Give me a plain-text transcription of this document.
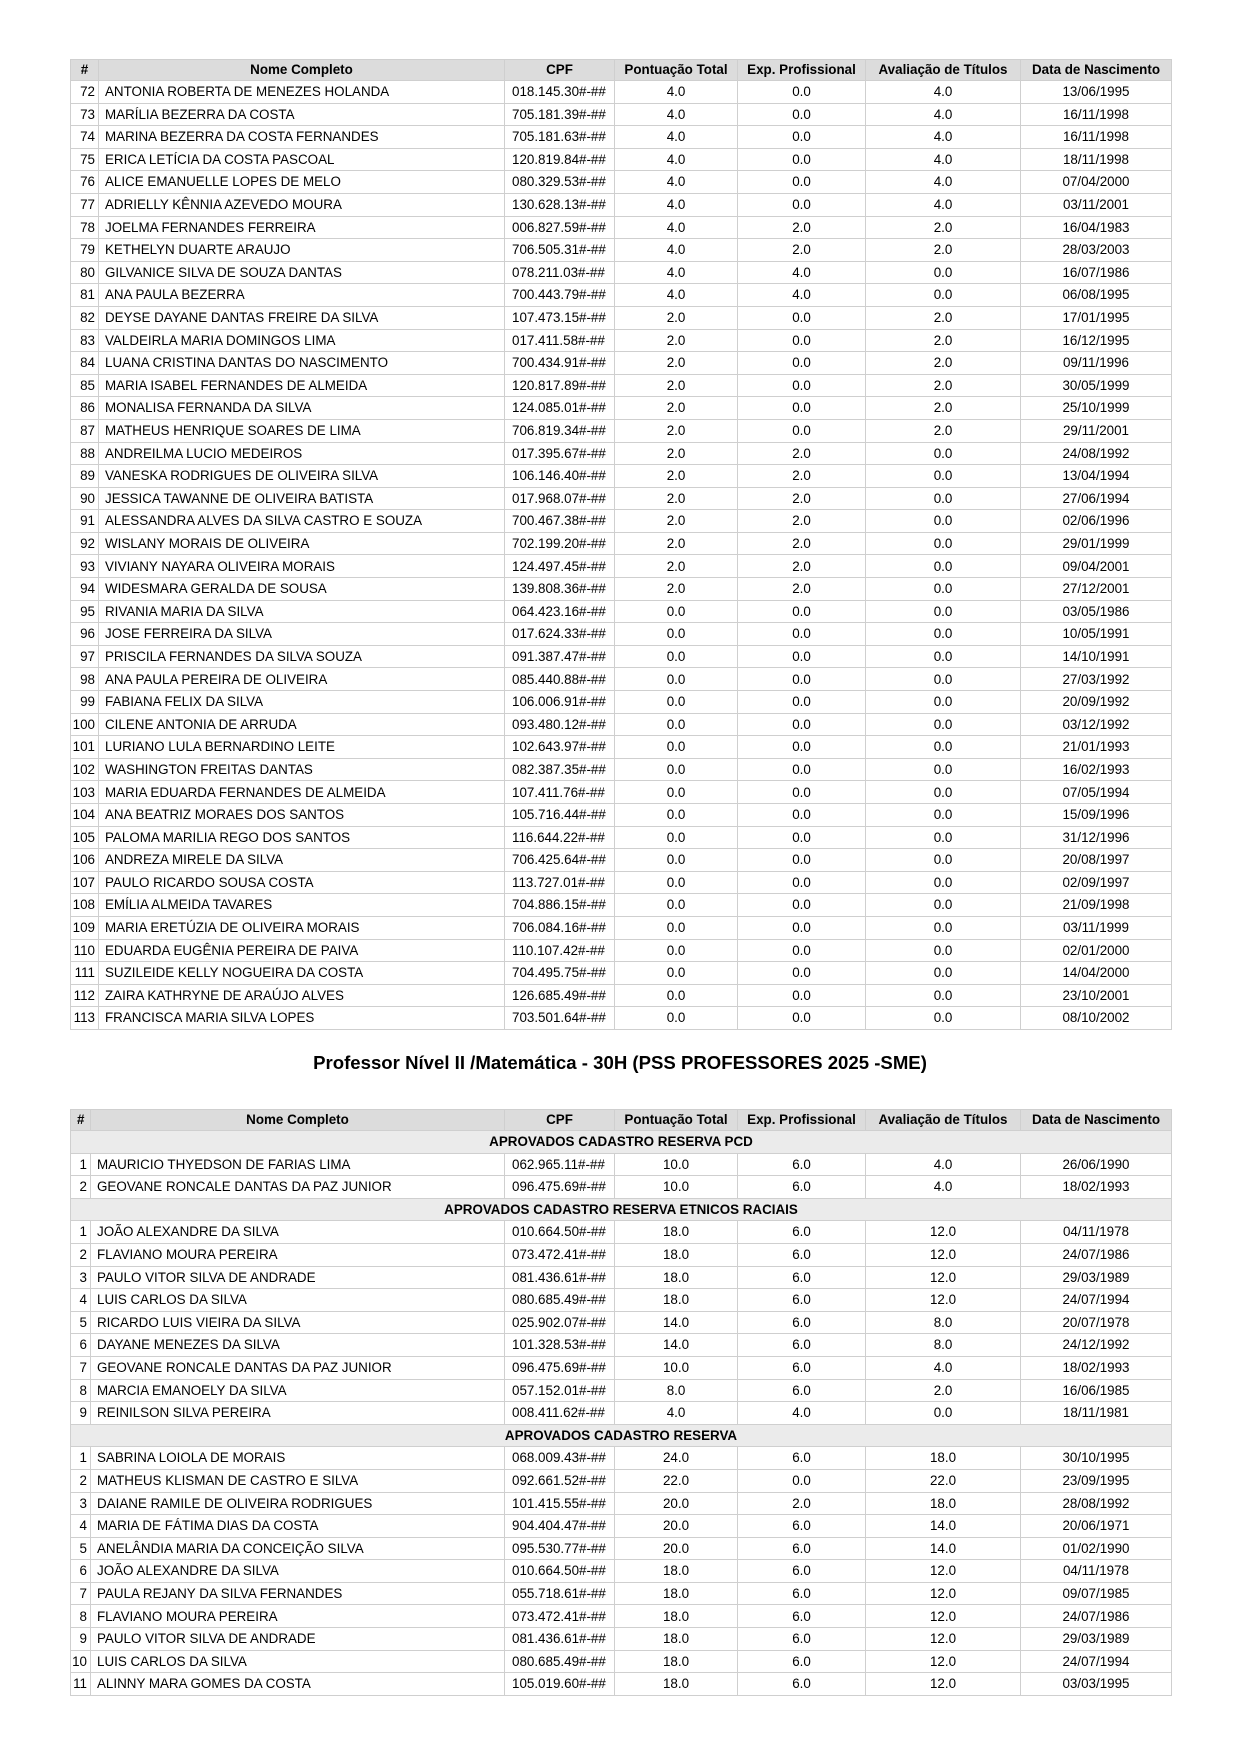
#	Nome Completo	CPF	Pontuação Total	Exp. Profissional	Avaliação de Títulos	Data de Nascimento
72	ANTONIA ROBERTA DE MENEZES HOLANDA	018.145.30#-##	4.0	0.0	4.0	13/06/1995
73	MARÍLIA BEZERRA DA COSTA	705.181.39#-##	4.0	0.0	4.0	16/11/1998
74	MARINA BEZERRA DA COSTA FERNANDES	705.181.63#-##	4.0	0.0	4.0	16/11/1998
75	ERICA LETÍCIA DA COSTA PASCOAL	120.819.84#-##	4.0	0.0	4.0	18/11/1998
76	ALICE EMANUELLE LOPES DE MELO	080.329.53#-##	4.0	0.0	4.0	07/04/2000
77	ADRIELLY KÊNNIA AZEVEDO MOURA	130.628.13#-##	4.0	0.0	4.0	03/11/2001
78	JOELMA FERNANDES FERREIRA	006.827.59#-##	4.0	2.0	2.0	16/04/1983
79	KETHELYN DUARTE ARAUJO	706.505.31#-##	4.0	2.0	2.0	28/03/2003
80	GILVANICE SILVA DE SOUZA DANTAS	078.211.03#-##	4.0	4.0	0.0	16/07/1986
81	ANA PAULA BEZERRA	700.443.79#-##	4.0	4.0	0.0	06/08/1995
82	DEYSE DAYANE DANTAS FREIRE DA SILVA	107.473.15#-##	2.0	0.0	2.0	17/01/1995
83	VALDEIRLA MARIA DOMINGOS LIMA	017.411.58#-##	2.0	0.0	2.0	16/12/1995
84	LUANA CRISTINA DANTAS DO NASCIMENTO	700.434.91#-##	2.0	0.0	2.0	09/11/1996
85	MARIA ISABEL FERNANDES DE ALMEIDA	120.817.89#-##	2.0	0.0	2.0	30/05/1999
86	MONALISA FERNANDA DA SILVA	124.085.01#-##	2.0	0.0	2.0	25/10/1999
87	MATHEUS HENRIQUE SOARES DE LIMA	706.819.34#-##	2.0	0.0	2.0	29/11/2001
88	ANDREILMA LUCIO MEDEIROS	017.395.67#-##	2.0	2.0	0.0	24/08/1992
89	VANESKA RODRIGUES DE OLIVEIRA SILVA	106.146.40#-##	2.0	2.0	0.0	13/04/1994
90	JESSICA TAWANNE DE OLIVEIRA BATISTA	017.968.07#-##	2.0	2.0	0.0	27/06/1994
91	ALESSANDRA ALVES DA SILVA CASTRO E SOUZA	700.467.38#-##	2.0	2.0	0.0	02/06/1996
92	WISLANY MORAIS DE OLIVEIRA	702.199.20#-##	2.0	2.0	0.0	29/01/1999
93	VIVIANY NAYARA OLIVEIRA MORAIS	124.497.45#-##	2.0	2.0	0.0	09/04/2001
94	WIDESMARA GERALDA DE SOUSA	139.808.36#-##	2.0	2.0	0.0	27/12/2001
95	RIVANIA MARIA DA SILVA	064.423.16#-##	0.0	0.0	0.0	03/05/1986
96	JOSE FERREIRA DA SILVA	017.624.33#-##	0.0	0.0	0.0	10/05/1991
97	PRISCILA FERNANDES DA SILVA SOUZA	091.387.47#-##	0.0	0.0	0.0	14/10/1991
98	ANA PAULA PEREIRA DE OLIVEIRA	085.440.88#-##	0.0	0.0	0.0	27/03/1992
99	FABIANA FELIX DA SILVA	106.006.91#-##	0.0	0.0	0.0	20/09/1992
100	CILENE ANTONIA DE ARRUDA	093.480.12#-##	0.0	0.0	0.0	03/12/1992
101	LURIANO LULA BERNARDINO LEITE	102.643.97#-##	0.0	0.0	0.0	21/01/1993
102	WASHINGTON FREITAS DANTAS	082.387.35#-##	0.0	0.0	0.0	16/02/1993
103	MARIA EDUARDA FERNANDES DE ALMEIDA	107.411.76#-##	0.0	0.0	0.0	07/05/1994
104	ANA BEATRIZ MORAES DOS SANTOS	105.716.44#-##	0.0	0.0	0.0	15/09/1996
105	PALOMA MARILIA REGO DOS SANTOS	116.644.22#-##	0.0	0.0	0.0	31/12/1996
106	ANDREZA MIRELE DA SILVA	706.425.64#-##	0.0	0.0	0.0	20/08/1997
107	PAULO RICARDO SOUSA COSTA	113.727.01#-##	0.0	0.0	0.0	02/09/1997
108	EMÍLIA ALMEIDA TAVARES	704.886.15#-##	0.0	0.0	0.0	21/09/1998
109	MARIA ERETÚZIA DE OLIVEIRA MORAIS	706.084.16#-##	0.0	0.0	0.0	03/11/1999
110	EDUARDA EUGÊNIA PEREIRA DE PAIVA	110.107.42#-##	0.0	0.0	0.0	02/01/2000
111	SUZILEIDE KELLY NOGUEIRA DA COSTA	704.495.75#-##	0.0	0.0	0.0	14/04/2000
112	ZAIRA KATHRYNE DE ARAÚJO ALVES	126.685.49#-##	0.0	0.0	0.0	23/10/2001
113	FRANCISCA MARIA SILVA LOPES	703.501.64#-##	0.0	0.0	0.0	08/10/2002
Professor Nível II /Matemática - 30H (PSS PROFESSORES 2025 -SME)
#	Nome Completo	CPF	Pontuação Total	Exp. Profissional	Avaliação de Títulos	Data de Nascimento
APROVADOS CADASTRO RESERVA PCD						
1	MAURICIO THYEDSON DE FARIAS LIMA	062.965.11#-##	10.0	6.0	4.0	26/06/1990
2	GEOVANE RONCALE DANTAS DA PAZ JUNIOR	096.475.69#-##	10.0	6.0	4.0	18/02/1993
APROVADOS CADASTRO RESERVA ETNICOS RACIAIS						
1	JOÃO ALEXANDRE DA SILVA	010.664.50#-##	18.0	6.0	12.0	04/11/1978
2	FLAVIANO MOURA PEREIRA	073.472.41#-##	18.0	6.0	12.0	24/07/1986
3	PAULO VITOR SILVA DE ANDRADE	081.436.61#-##	18.0	6.0	12.0	29/03/1989
4	LUIS CARLOS DA SILVA	080.685.49#-##	18.0	6.0	12.0	24/07/1994
5	RICARDO LUIS VIEIRA DA SILVA	025.902.07#-##	14.0	6.0	8.0	20/07/1978
6	DAYANE MENEZES DA SILVA	101.328.53#-##	14.0	6.0	8.0	24/12/1992
7	GEOVANE RONCALE DANTAS DA PAZ JUNIOR	096.475.69#-##	10.0	6.0	4.0	18/02/1993
8	MARCIA EMANOELY DA SILVA	057.152.01#-##	8.0	6.0	2.0	16/06/1985
9	REINILSON SILVA PEREIRA	008.411.62#-##	4.0	4.0	0.0	18/11/1981
APROVADOS CADASTRO RESERVA						
1	SABRINA LOIOLA DE MORAIS	068.009.43#-##	24.0	6.0	18.0	30/10/1995
2	MATHEUS KLISMAN DE CASTRO E SILVA	092.661.52#-##	22.0	0.0	22.0	23/09/1995
3	DAIANE RAMILE DE OLIVEIRA RODRIGUES	101.415.55#-##	20.0	2.0	18.0	28/08/1992
4	MARIA DE FÁTIMA DIAS DA COSTA	904.404.47#-##	20.0	6.0	14.0	20/06/1971
5	ANELÂNDIA MARIA DA CONCEIÇÃO SILVA	095.530.77#-##	20.0	6.0	14.0	01/02/1990
6	JOÃO ALEXANDRE DA SILVA	010.664.50#-##	18.0	6.0	12.0	04/11/1978
7	PAULA REJANY DA SILVA FERNANDES	055.718.61#-##	18.0	6.0	12.0	09/07/1985
8	FLAVIANO MOURA PEREIRA	073.472.41#-##	18.0	6.0	12.0	24/07/1986
9	PAULO VITOR SILVA DE ANDRADE	081.436.61#-##	18.0	6.0	12.0	29/03/1989
10	LUIS CARLOS DA SILVA	080.685.49#-##	18.0	6.0	12.0	24/07/1994
11	ALINNY MARA GOMES DA COSTA	105.019.60#-##	18.0	6.0	12.0	03/03/1995
